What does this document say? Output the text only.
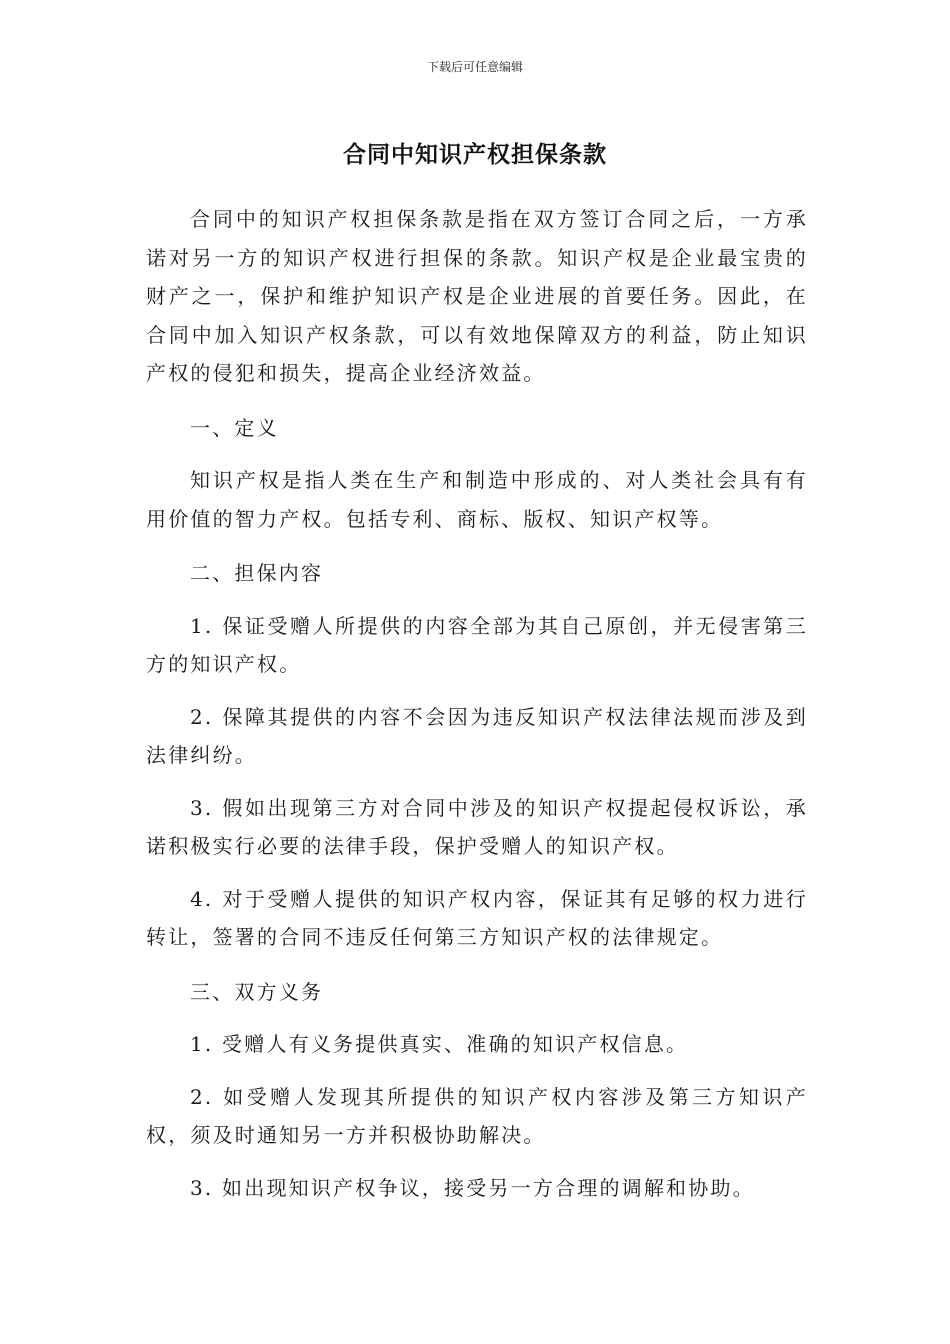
下载后可任意编辑
合同中知识产权担保条款

合同中的知识产权担保条款是指在双方签订合同之后，一方承诺对另一方的知识产权进行担保的条款。知识产权是企业最宝贵的财产之一，保护和维护知识产权是企业进展的首要任务。因此，在合同中加入知识产权条款，可以有效地保障双方的利益，防止知识产权的侵犯和损失，提高企业经济效益。

一、定义

知识产权是指人类在生产和制造中形成的、对人类社会具有有用价值的智力产权。包括专利、商标、版权、知识产权等。

二、担保内容

1. 保证受赠人所提供的内容全部为其自己原创，并无侵害第三方的知识产权。

2. 保障其提供的内容不会因为违反知识产权法律法规而涉及到法律纠纷。

3. 假如出现第三方对合同中涉及的知识产权提起侵权诉讼，承诺积极实行必要的法律手段，保护受赠人的知识产权。

4. 对于受赠人提供的知识产权内容，保证其有足够的权力进行转让，签署的合同不违反任何第三方知识产权的法律规定。

三、双方义务

1. 受赠人有义务提供真实、准确的知识产权信息。

2. 如受赠人发现其所提供的知识产权内容涉及第三方知识产权，须及时通知另一方并积极协助解决。

3. 如出现知识产权争议，接受另一方合理的调解和协助。
